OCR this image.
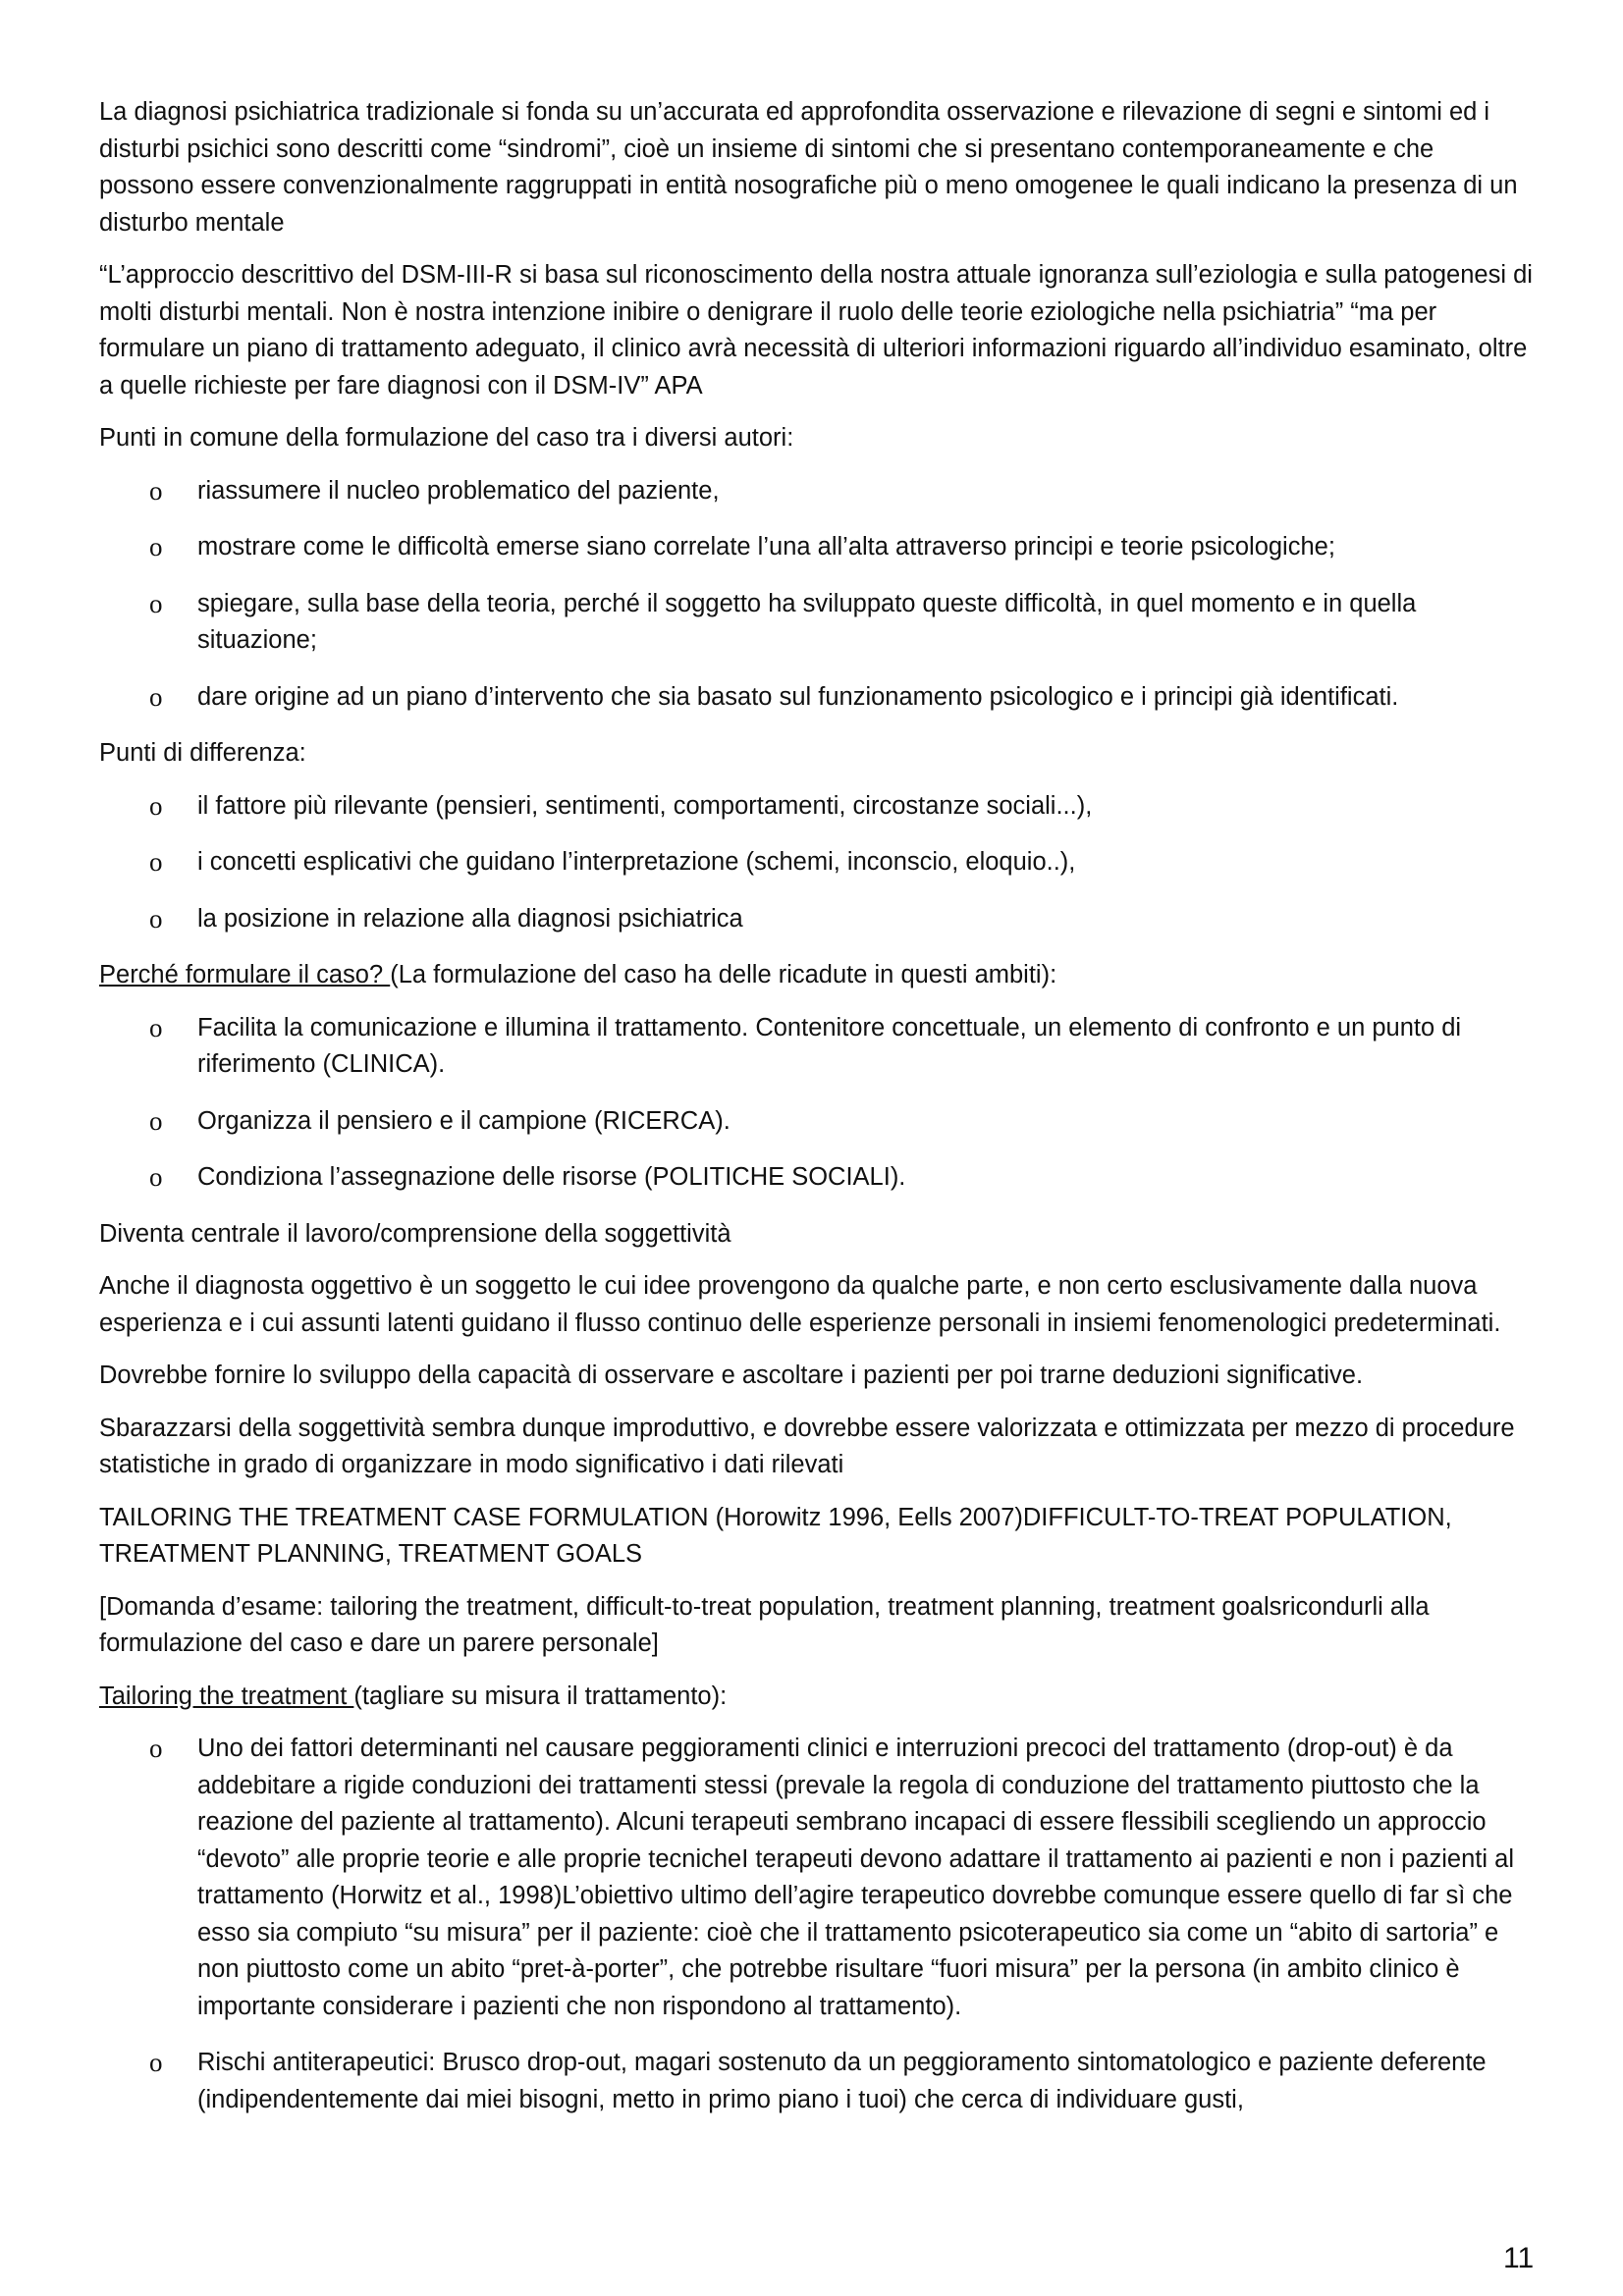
La diagnosi psichiatrica tradizionale si fonda su un’accurata ed approfondita osservazione e rilevazione di segni e sintomi ed i disturbi psichici sono descritti come “sindromi”, cioè un insieme di sintomi che si presentano contemporaneamente e che possono essere convenzionalmente raggruppati in entità nosografiche più o meno omogenee le quali indicano la presenza di un disturbo mentale

“L’approccio descrittivo del DSM-III-R si basa sul riconoscimento della nostra attuale ignoranza sull’eziologia e sulla patogenesi di molti disturbi mentali. Non è nostra intenzione inibire o denigrare il ruolo delle teorie eziologiche nella psichiatria” “ma per formulare un piano di trattamento adeguato, il clinico avrà necessità di ulteriori informazioni riguardo all’individuo esaminato, oltre a quelle richieste per fare diagnosi con il DSM-IV” APA

Punti in comune della formulazione del caso tra i diversi autori:

o riassumere il nucleo problematico del paziente,
o mostrare come le difficoltà emerse siano correlate l’una all’alta attraverso principi e teorie psicologiche;
o spiegare, sulla base della teoria, perché il soggetto ha sviluppato queste difficoltà, in quel momento e in quella situazione;
o dare origine ad un piano d’intervento che sia basato sul funzionamento psicologico e i principi già identificati.

Punti di differenza:

o il fattore più rilevante (pensieri, sentimenti, comportamenti, circostanze sociali...),
o i concetti esplicativi che guidano l’interpretazione (schemi, inconscio, eloquio..),
o la posizione in relazione alla diagnosi psichiatrica

Perché formulare il caso? (La formulazione del caso ha delle ricadute in questi ambiti):

o Facilita la comunicazione e illumina il trattamento. Contenitore concettuale, un elemento di confronto e un punto di riferimento (CLINICA).
o Organizza il pensiero e il campione (RICERCA).
o Condiziona l’assegnazione delle risorse (POLITICHE SOCIALI).

Diventa centrale il lavoro/comprensione della soggettività

Anche il diagnosta oggettivo è un soggetto le cui idee provengono da qualche parte, e non certo esclusivamente dalla nuova esperienza e i cui assunti latenti guidano il flusso continuo delle esperienze personali in insiemi fenomenologici predeterminati.

Dovrebbe fornire lo sviluppo della capacità di osservare e ascoltare i pazienti per poi trarne deduzioni significative.

Sbarazzarsi della soggettività sembra dunque improduttivo, e dovrebbe essere valorizzata e ottimizzata per mezzo di procedure statistiche in grado di organizzare in modo significativo i dati rilevati

TAILORING THE TREATMENT CASE FORMULATION (Horowitz 1996, Eells 2007)DIFFICULT-TO-TREAT POPULATION, TREATMENT PLANNING, TREATMENT GOALS

[Domanda d’esame: tailoring the treatment, difficult-to-treat population, treatment planning, treatment goalsricondurli alla formulazione del caso e dare un parere personale]

Tailoring the treatment (tagliare su misura il trattamento):

o Uno dei fattori determinanti nel causare peggioramenti clinici e interruzioni precoci del trattamento (drop-out) è da addebitare a rigide conduzioni dei trattamenti stessi (prevale la regola di conduzione del trattamento piuttosto che la reazione del paziente al trattamento). Alcuni terapeuti sembrano incapaci di essere flessibili scegliendo un approccio “devoto” alle proprie teorie e alle proprie tecnicheI terapeuti devono adattare il trattamento ai pazienti e non i pazienti al trattamento (Horwitz et al., 1998)L’obiettivo ultimo dell’agire terapeutico dovrebbe comunque essere quello di far sì che esso sia compiuto “su misura” per il paziente: cioè che il trattamento psicoterapeutico sia come un “abito di sartoria” e non piuttosto come un abito “pret-à-porter”, che potrebbe risultare “fuori misura” per la persona (in ambito clinico è importante considerare i pazienti che non rispondono al trattamento).
o Rischi antiterapeutici: Brusco drop-out, magari sostenuto da un peggioramento sintomatologico e paziente deferente (indipendentemente dai miei bisogni, metto in primo piano i tuoi) che cerca di individuare gusti,
11
